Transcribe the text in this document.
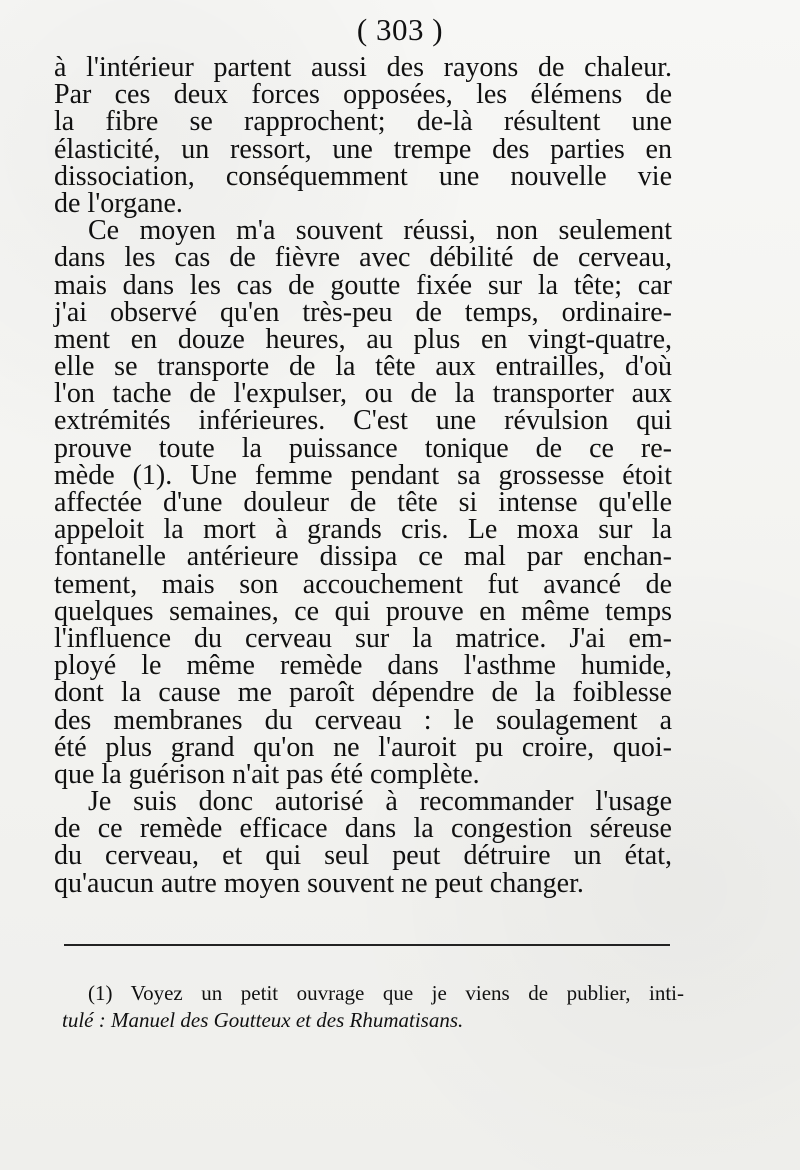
( 303 )
à l'intérieur partent aussi des rayons de chaleur.
Par ces deux forces opposées, les élémens de
la fibre se rapprochent; de-là résultent une
élasticité, un ressort, une trempe des parties en
dissociation, conséquemment une nouvelle vie
de l'organe.
Ce moyen m'a souvent réussi, non seulement
dans les cas de fièvre avec débilité de cerveau,
mais dans les cas de goutte fixée sur la tête; car
j'ai observé qu'en très-peu de temps, ordinaire-
ment en douze heures, au plus en vingt-quatre,
elle se transporte de la tête aux entrailles, d'où
l'on tache de l'expulser, ou de la transporter aux
extrémités inférieures. C'est une révulsion qui
prouve toute la puissance tonique de ce re-
mède (1). Une femme pendant sa grossesse étoit
affectée d'une douleur de tête si intense qu'elle
appeloit la mort à grands cris. Le moxa sur la
fontanelle antérieure dissipa ce mal par enchan-
tement, mais son accouchement fut avancé de
quelques semaines, ce qui prouve en même temps
l'influence du cerveau sur la matrice. J'ai em-
ployé le même remède dans l'asthme humide,
dont la cause me paroît dépendre de la foiblesse
des membranes du cerveau : le soulagement a
été plus grand qu'on ne l'auroit pu croire, quoi-
que la guérison n'ait pas été complète.
Je suis donc autorisé à recommander l'usage
de ce remède efficace dans la congestion séreuse
du cerveau, et qui seul peut détruire un état,
qu'aucun autre moyen souvent ne peut changer.
(1) Voyez un petit ouvrage que je viens de publier, inti-
tulé : Manuel des Goutteux et des Rhumatisans.
